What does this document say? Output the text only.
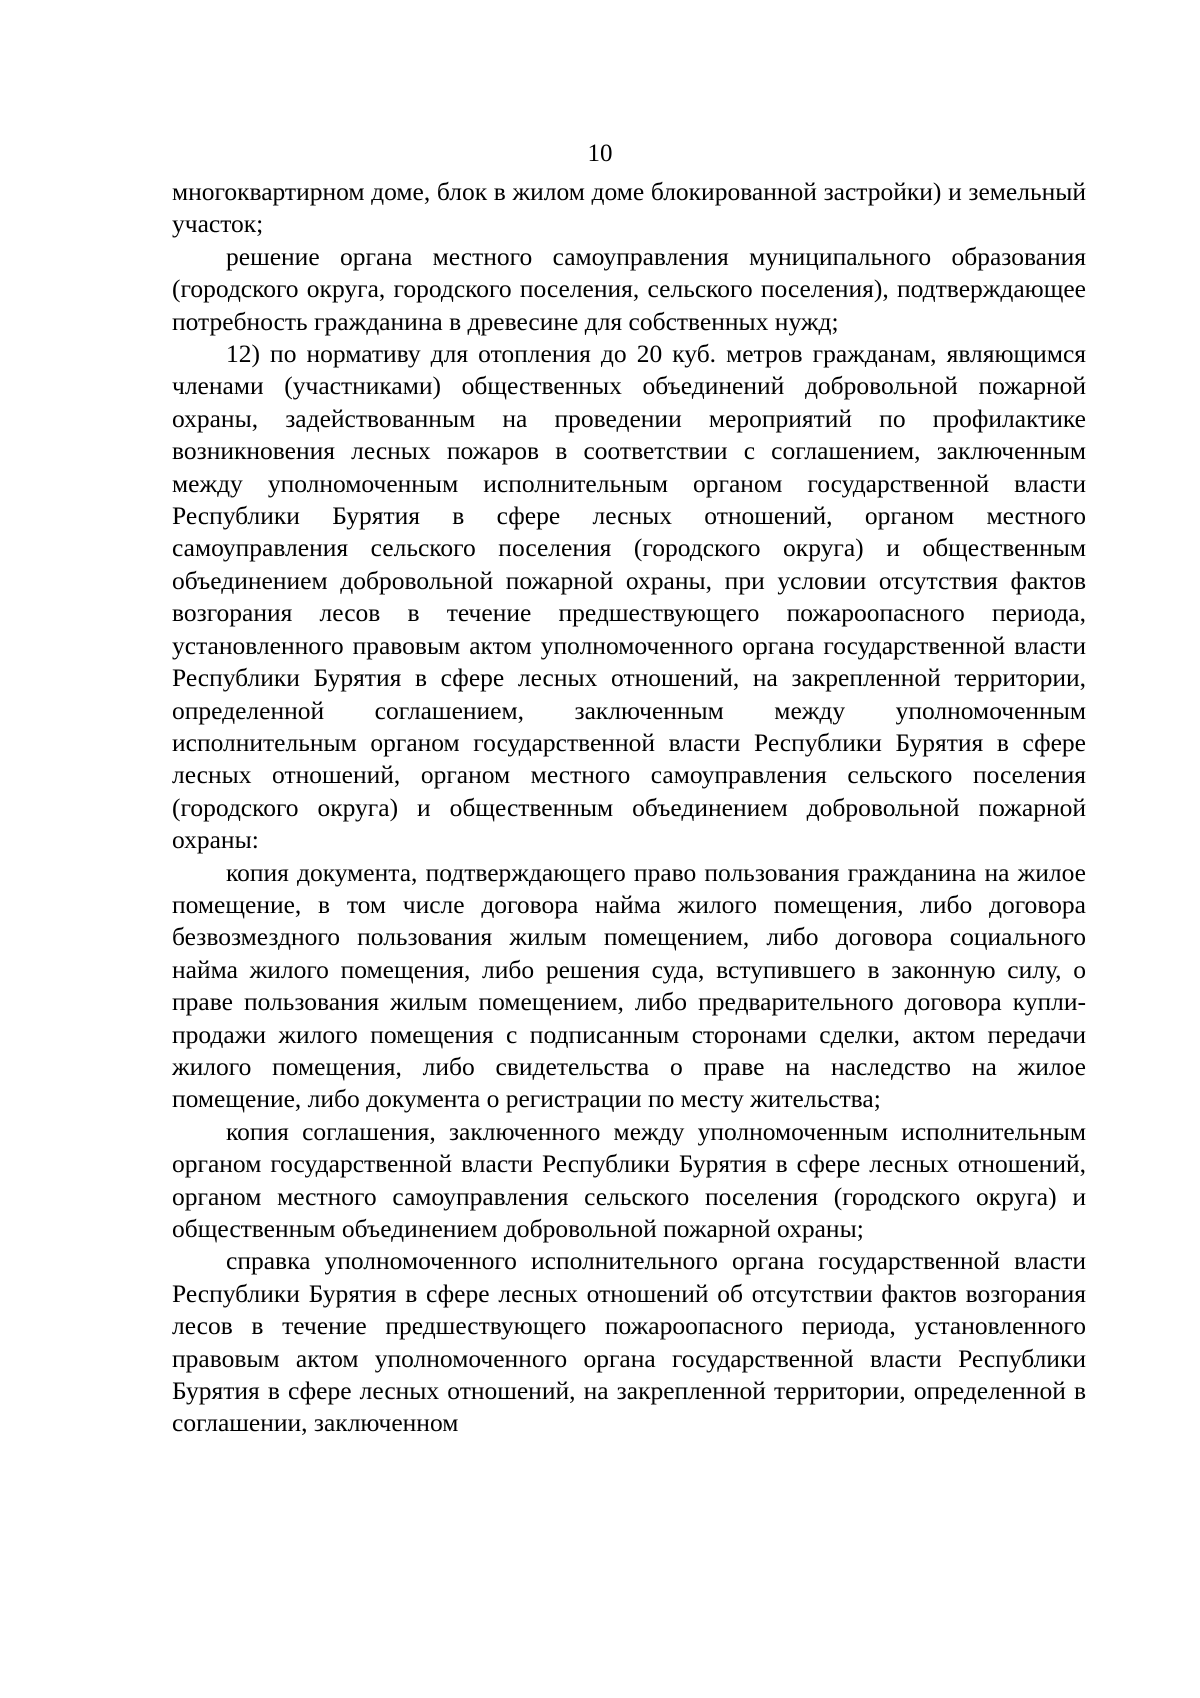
10

многоквартирном доме, блок в жилом доме блокированной застройки) и земельный участок;

решение органа местного самоуправления муниципального образования (городского округа, городского поселения, сельского поселения), подтверждающее потребность гражданина в древесине для собственных нужд;

12) по нормативу для отопления до 20 куб. метров гражданам, являющимся членами (участниками) общественных объединений добровольной пожарной охраны, задействованным на проведении мероприятий по профилактике возникновения лесных пожаров в соответствии с соглашением, заключенным между уполномоченным исполнительным органом государственной власти Республики Бурятия в сфере лесных отношений, органом местного самоуправления сельского поселения (городского округа) и общественным объединением добровольной пожарной охраны, при условии отсутствия фактов возгорания лесов в течение предшествующего пожароопасного периода, установленного правовым актом уполномоченного органа государственной власти Республики Бурятия в сфере лесных отношений, на закрепленной территории, определенной соглашением, заключенным между уполномоченным исполнительным органом государственной власти Республики Бурятия в сфере лесных отношений, органом местного самоуправления сельского поселения (городского округа) и общественным объединением добровольной пожарной охраны:

копия документа, подтверждающего право пользования гражданина на жилое помещение, в том числе договора найма жилого помещения, либо договора безвозмездного пользования жилым помещением, либо договора социального найма жилого помещения, либо решения суда, вступившего в законную силу, о праве пользования жилым помещением, либо предварительного договора купли-продажи жилого помещения с подписанным сторонами сделки, актом передачи жилого помещения, либо свидетельства о праве на наследство на жилое помещение, либо документа о регистрации по месту жительства;

копия соглашения, заключенного между уполномоченным исполнительным органом государственной власти Республики Бурятия в сфере лесных отношений, органом местного самоуправления сельского поселения (городского округа) и общественным объединением добровольной пожарной охраны;

справка уполномоченного исполнительного органа государственной власти Республики Бурятия в сфере лесных отношений об отсутствии фактов возгорания лесов в течение предшествующего пожароопасного периода, установленного правовым актом уполномоченного органа государственной власти Республики Бурятия в сфере лесных отношений, на закрепленной территории, определенной в соглашении, заключенном
